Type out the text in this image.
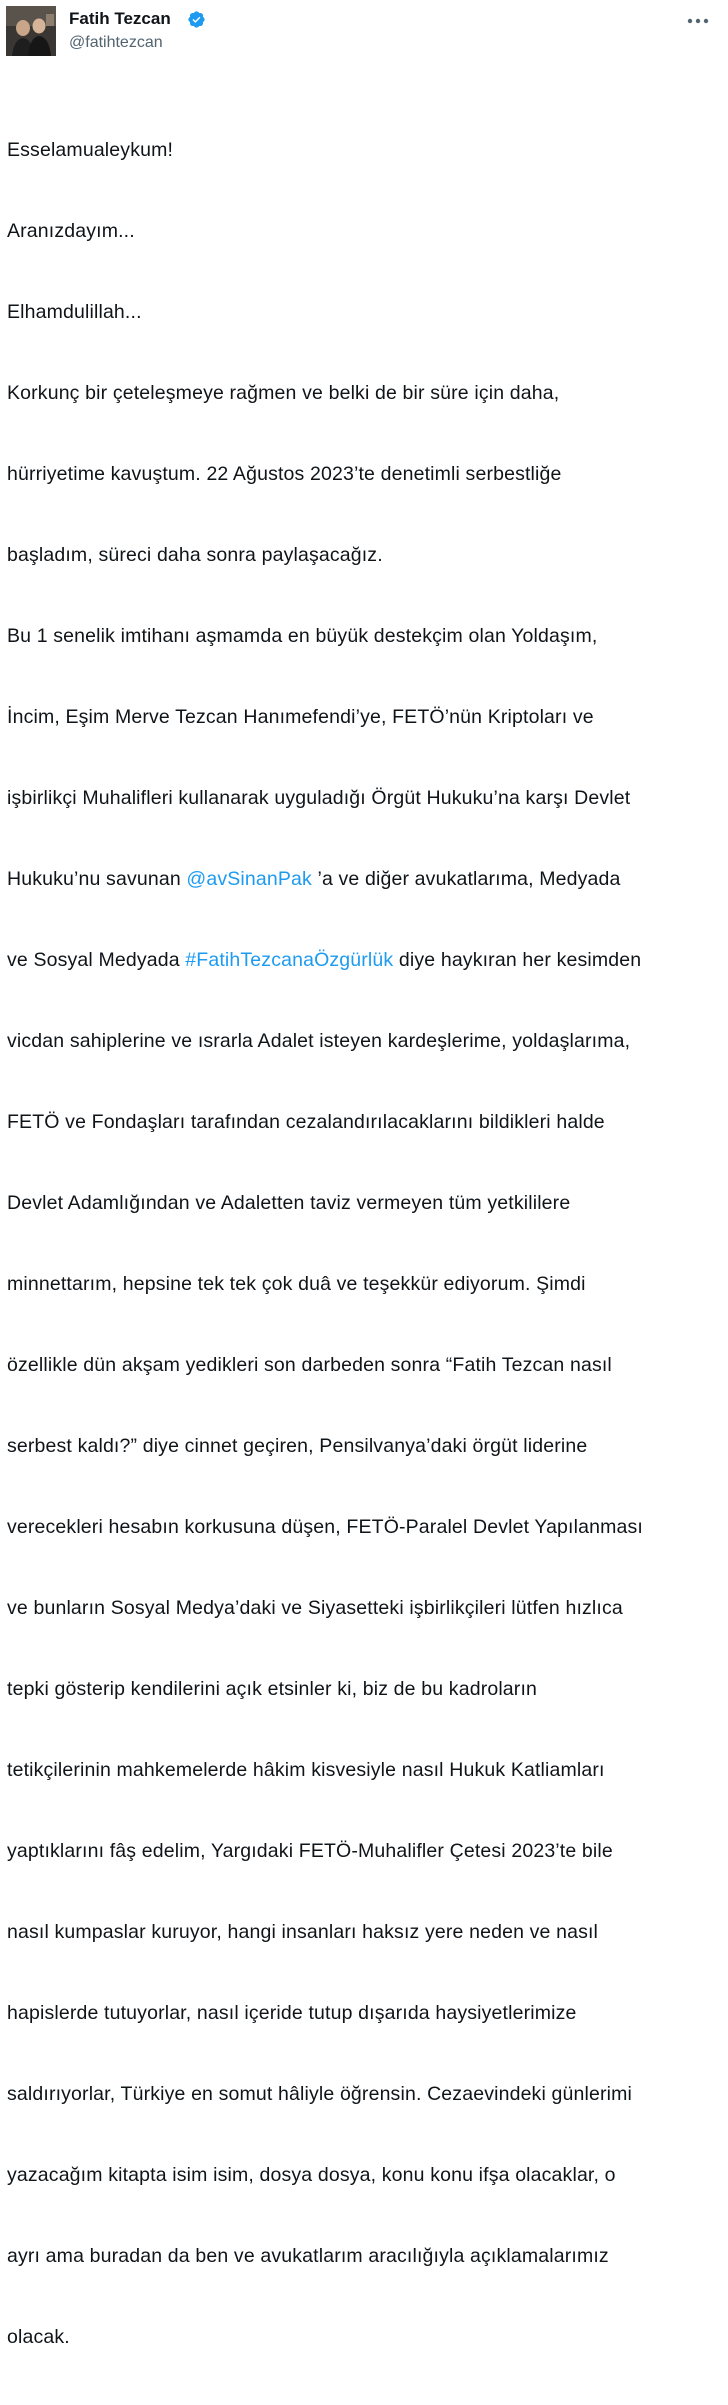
Fatih Tezcan
@fatihtezcan

Esselamualeykum!

Aranızdayım...

Elhamdulillah...

Korkunç bir çeteleşmeye rağmen ve belki de bir süre için daha,

hürriyetime kavuştum. 22 Ağustos 2023’te denetimli serbestliğe

başladım, süreci daha sonra paylaşacağız.

Bu 1 senelik imtihanı aşmamda en büyük destekçim olan Yoldaşım,

İncim, Eşim Merve Tezcan Hanımefendi’ye, FETÖ’nün Kriptoları ve

işbirlikçi Muhalifleri kullanarak uyguladığı Örgüt Hukuku’na karşı Devlet

Hukuku’nu savunan @avSinanPak ’a ve diğer avukatlarıma, Medyada

ve Sosyal Medyada #FatihTezcanaÖzgürlük diye haykıran her kesimden

vicdan sahiplerine ve ısrarla Adalet isteyen kardeşlerime, yoldaşlarıma,

FETÖ ve Fondaşları tarafından cezalandırılacaklarını bildikleri halde

Devlet Adamlığından ve Adaletten taviz vermeyen tüm yetkililere

minnettarım, hepsine tek tek çok duâ ve teşekkür ediyorum. Şimdi

özellikle dün akşam yedikleri son darbeden sonra “Fatih Tezcan nasıl

serbest kaldı?” diye cinnet geçiren, Pensilvanya’daki örgüt liderine

verecekleri hesabın korkusuna düşen, FETÖ-Paralel Devlet Yapılanması

ve bunların Sosyal Medya’daki ve Siyasetteki işbirlikçileri lütfen hızlıca

tepki gösterip kendilerini açık etsinler ki, biz de bu kadroların

tetikçilerinin mahkemelerde hâkim kisvesiyle nasıl Hukuk Katliamları

yaptıklarını fâş edelim, Yargıdaki FETÖ-Muhalifler Çetesi 2023’te bile

nasıl kumpaslar kuruyor, hangi insanları haksız yere neden ve nasıl

hapislerde tutuyorlar, nasıl içeride tutup dışarıda haysiyetlerimize

saldırıyorlar, Türkiye en somut hâliyle öğrensin. Cezaevindeki günlerimi

yazacağım kitapta isim isim, dosya dosya, konu konu ifşa olacaklar, o

ayrı ama buradan da ben ve avukatlarım aracılığıyla açıklamalarımız

olacak.
